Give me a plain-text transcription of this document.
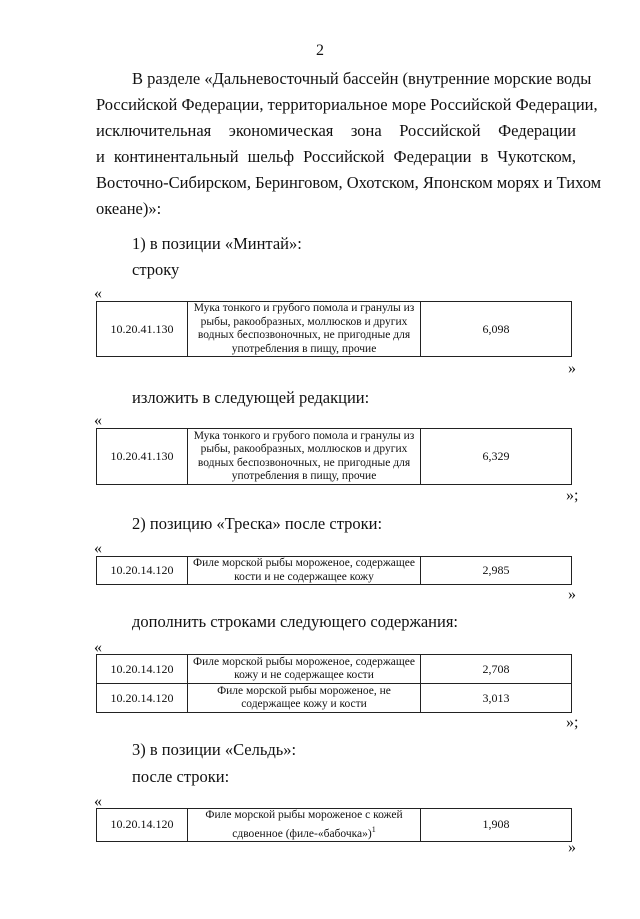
2
В разделе «Дальневосточный бассейн (внутренние морские воды
Российской Федерации, территориальное море Российской Федерации,
исключительная экономическая зона Российской Федерации
и континентальный шельф Российской Федерации в Чукотском,
Восточно-Сибирском, Беринговом, Охотском, Японском морях и Тихом
океане)»:
1) в позиции «Минтай»:
строку
«
10.20.41.130	Мука тонкого и грубого помола и гранулы из рыбы, ракообразных, моллюсков и других водных беспозвоночных, не пригодные для употребления в пищу, прочие	6,098
»
изложить в следующей редакции:
«
10.20.41.130	Мука тонкого и грубого помола и гранулы из рыбы, ракообразных, моллюсков и других водных беспозвоночных, не пригодные для употребления в пищу, прочие	6,329
»;
2) позицию «Треска» после строки:
«
10.20.14.120	Филе морской рыбы мороженое, содержащее кости и не содержащее кожу	2,985
»
дополнить строками следующего содержания:
«
10.20.14.120	Филе морской рыбы мороженое, содержащее кожу и не содержащее кости	2,708
10.20.14.120	Филе морской рыбы мороженое, не содержащее кожу и кости	3,013
»;
3) в позиции «Сельдь»:
после строки:
«
10.20.14.120	Филе морской рыбы мороженое с кожей сдвоенное (филе-«бабочка»)$^1$	1,908
»
